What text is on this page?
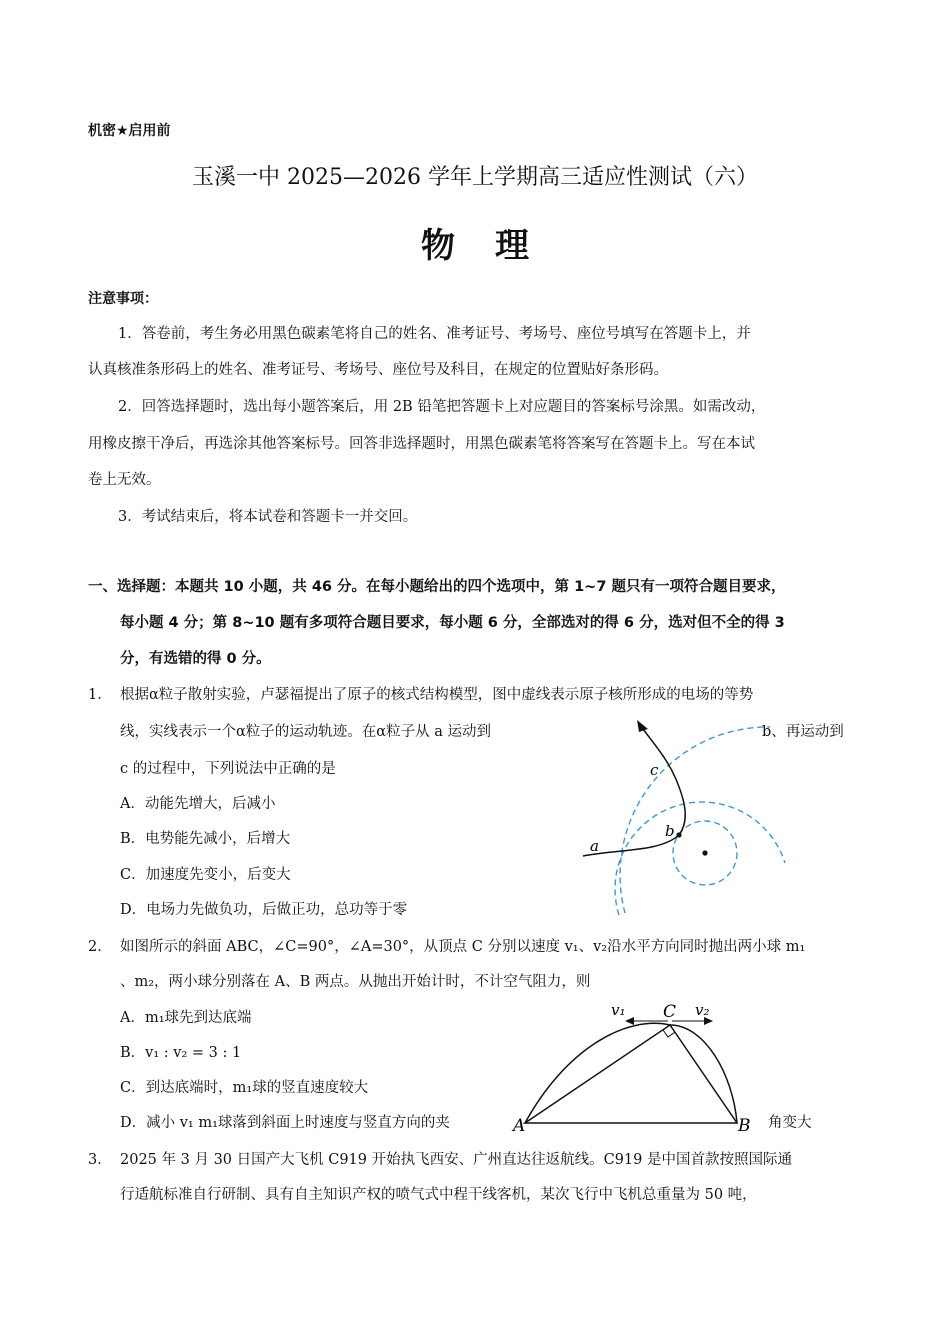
机密★启用前
玉溪一中 2025—2026 学年上学期高三适应性测试（六）
物理
注意事项：
1．答卷前，考生务必用黑色碳素笔将自己的姓名、准考证号、考场号、座位号填写在答题卡上，并
认真核准条形码上的姓名、准考证号、考场号、座位号及科目，在规定的位置贴好条形码。
2．回答选择题时，选出每小题答案后，用 2B 铅笔把答题卡上对应题目的答案标号涂黑。如需改动，
用橡皮擦干净后，再选涂其他答案标号。回答非选择题时，用黑色碳素笔将答案写在答题卡上。写在本试
卷上无效。
3．考试结束后，将本试卷和答题卡一并交回。
一、选择题：本题共 10 小题，共 46 分。在每小题给出的四个选项中，第 1~7 题只有一项符合题目要求，
每小题 4 分；第 8~10 题有多项符合题目要求，每小题 6 分，全部选对的得 6 分，选对但不全的得 3
分，有选错的得 0 分。
1． 根据α粒子散射实验，卢瑟福提出了原子的核式结构模型，图中虚线表示原子核所形成的电场的等势
线，实线表示一个α粒子的运动轨迹。在α粒子从 a 运动到	b、再运动到
c 的过程中，下列说法中正确的是
A．动能先增大，后减小
B．电势能先减小，后增大
C．加速度先变小，后变大
D．电场力先做负功，后做正功，总功等于零
a
b
c
2． 如图所示的斜面 ABC，∠C=90°，∠A=30°，从顶点 C 分别以速度 v₁、v₂沿水平方向同时抛出两小球 m₁
、m₂，两小球分别落在 A、B 两点。从抛出开始计时，不计空气阻力，则
A．m₁球先到达底端
B．v₁ : v₂ = 3 : 1
C．到达底端时，m₁球的竖直速度较大
D．减小 v₁ m₁球落到斜面上时速度与竖直方向的夹	角变大
A	B
C
v₁	v₂
3． 2025 年 3 月 30 日国产大飞机 C919 开始执飞西安、广州直达往返航线。C919 是中国首款按照国际通
行适航标准自行研制、具有自主知识产权的喷气式中程干线客机，某次飞行中飞机总重量为 50 吨，
